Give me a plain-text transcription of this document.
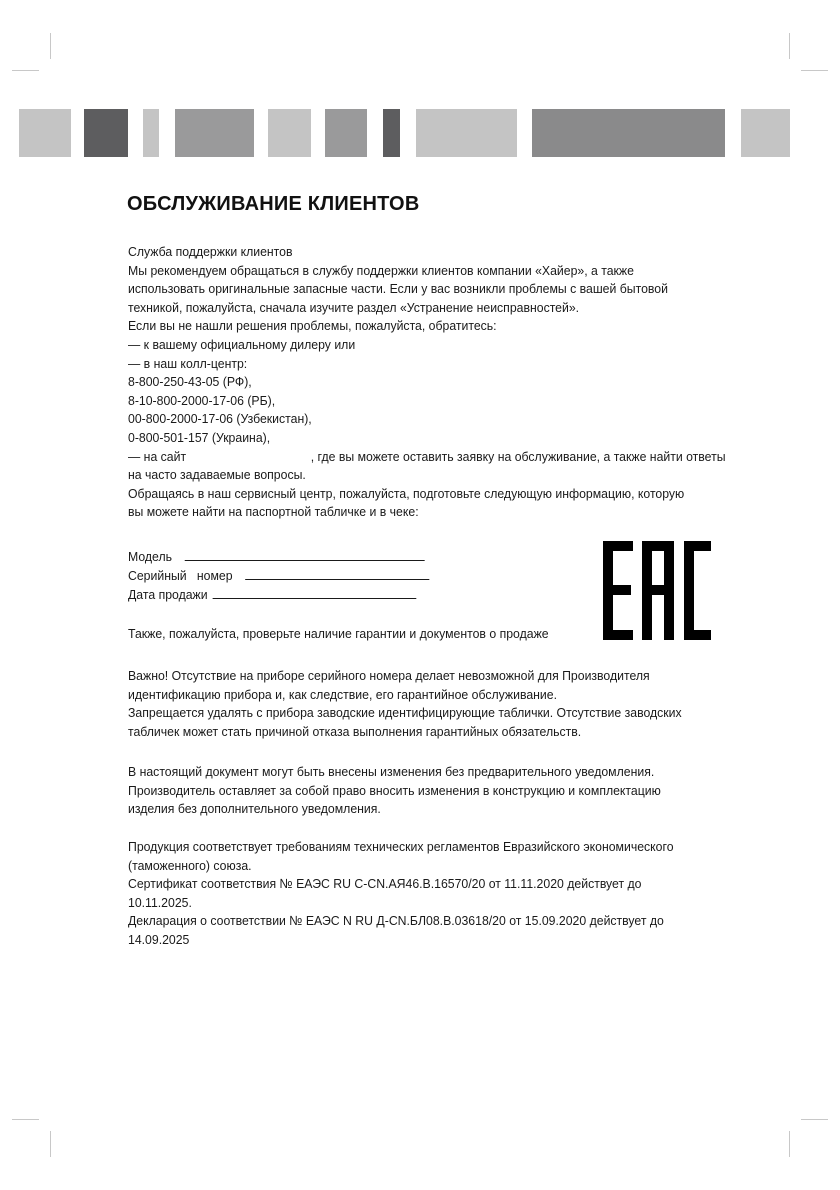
ОБСЛУЖИВАНИЕ КЛИЕНТОВ
Служба поддержки клиентов
Мы рекомендуем обращаться в службу поддержки клиентов компании «Хайер», а также
использовать оригинальные запасные части. Если у вас возникли проблемы с вашей бытовой
техникой, пожалуйста, сначала изучите раздел «Устранение неисправностей».
Если вы не нашли решения проблемы, пожалуйста, обратитесь:
— к вашему официальному дилеру или
— в наш колл-центр:
8-800-250-43-05 (РФ),
8-10-800-2000-17-06 (РБ),
00-800-2000-17-06 (Узбекистан),
0-800-501-157 (Украина),
— на сайт	, где вы можете оставить заявку на обслуживание, а также найти ответы
на часто задаваемые вопросы.
Обращаясь в наш сервисный центр, пожалуйста, подготовьте следующую информацию, которую
вы можете найти на паспортной табличке и в чеке:
Модель
Серийный   номер
Дата продажи
Также, пожалуйста, проверьте наличие гарантии и документов о продаже
Важно! Отсутствие на приборе серийного номера делает невозможной для Производителя
идентификацию прибора и, как следствие, его гарантийное обслуживание.
Запрещается удалять с прибора заводские идентифицирующие таблички. Отсутствие заводских
табличек может стать причиной отказа выполнения гарантийных обязательств.
В настоящий документ могут быть внесены изменения без предварительного уведомления.
Производитель оставляет за собой право вносить изменения в конструкцию и комплектацию
изделия без дополнительного уведомления.
Продукция соответствует требованиям технических регламентов Евразийского экономического
(таможенного) союза.
Сертификат соответствия № ЕАЭС RU C-CN.АЯ46.В.16570/20 от 11.11.2020 действует до
10.11.2025.
Декларация о соответствии № ЕАЭС N RU Д-CN.БЛ08.В.03618/20 от 15.09.2020 действует до
14.09.2025
